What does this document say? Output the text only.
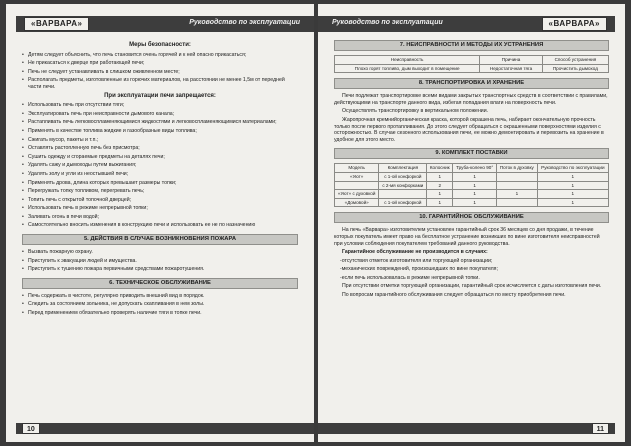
«ВАРВАРА»	Руководство по эксплуатации
Меры безопасности:
• Детям следует объяснить, что печь становится очень горячей и к ней опасно прикасаться;
• Не прикасаться к дверце при работающей печи;
• Печь не следует устанавливать в слишком оживленном месте;
• Располагать предметы, изготовленные из горючих материалов, на расстоянии не менее 1,5м от передней части печи.
При эксплуатации печи запрещается:
• Использовать печь при отсутствии тяги;
• Эксплуатировать печь при неисправности дымового канала;
• Растапливать печь легковоспламеняющимися жидкостями и легковоспламеняющимися материалами;
• Применять в качестве топлива жидкие и газообразные виды топлива;
• Сжигать мусор, пакеты и т.п.;
• Оставлять растопленную печь без присмотра;
• Сушить одежду и сгораемые предметы на деталях печи;
• Удалять сажу и дымоходы путем выжигания;
• Удалять золу и угли из неостывшей печи;
• Применять дрова, длина которых превышает размеры топки;
• Перегружать топку топливом, перегревать печь;
• Топить печь с открытой топочной дверцей;
• Использовать печь в режиме непрерывной топки;
• Заливать огонь в печи водой;
• Самостоятельно вносить изменения в конструкцию печи и использовать ее не по назначению
5. ДЕЙСТВИЯ В СЛУЧАЕ ВОЗНИКНОВЕНИЯ ПОЖАРА
• Вызвать пожарную охрану.
• Приступить к эвакуации людей и имущества.
• Приступить к тушению пожара первичными средствами пожаротушения.
6. ТЕХНИЧЕСКОЕ ОБСЛУЖИВАНИЕ
• Печь содержать в чистоте, регулярно приводить внешний вид в порядок.
• Следить за состоянием зольника, не допускать скапливания в нем золы.
• Перед применением обязательно проверять наличие тяги в топке печи.
10
Руководство по эксплуатации	«ВАРВАРА»
7. НЕИСПРАВНОСТИ И МЕТОДЫ ИХ УСТРАНЕНИЯ
Неисправность	Причина	Способ устранения
Плохо горят топливо, дым выходит в помещение	Недостаточная тяга	Прочистить дымоход
8. ТРАНСПОРТИРОВКА И ХРАНЕНИЕ

Печи подлежат транспортировке всеми видами закрытых транспортных средств в соответствии с правилами, действующими на транспорте данного вида, избегая попадания влаги на поверхность печи.

Осуществлять транспортировку в вертикальном положении.

Жаропрочная кремнийорганическая краска, которой окрашена печь, набирает окончательную прочность только после первого протапливания. До этого следует обращаться с окрашенными поверхностями изделия с осторожностью. В случае сезонного использования печи, ее можно демонтировать и перевозить на хранение в удобное для этого место.

9. КОМПЛЕКТ ПОСТАВКИ
Модель	Комплектация	Колосник	Труба-колено 90°	Поток в духовку	Руководство по эксплуатации
«Уют»	с 1-ой конфоркой	1	1		1
	с 2-мя конфорками	2	1		1
«Уют» с духовкой		1	1	1	1
«Домовой»	с 1-ой конфоркой	1	1		1
10. ГАРАНТИЙНОЕ ОБСЛУЖИВАНИЕ

На печь «Варвара» изготовителем установлен гарантийный срок 36 месяцев со дня продажи, в течение которых покупатель имеет право на бесплатное устранение возникших по вине изготовителя неисправностей при условии соблюдения покупателем требований данного руководства.

Гарантийное обслуживание не производится в случаях:

-отсутствия отметок изготовителя или торгующей организации;
-механических повреждений, произошедших по вине покупателя;
-если печь использовалась в режиме непрерывной топки.

При отсутствии отметки торгующей организации, гарантийный срок исчисляется с даты изготовления печи.

По вопросам гарантийного обслуживания следует обращаться по месту приобретения печи.

11
